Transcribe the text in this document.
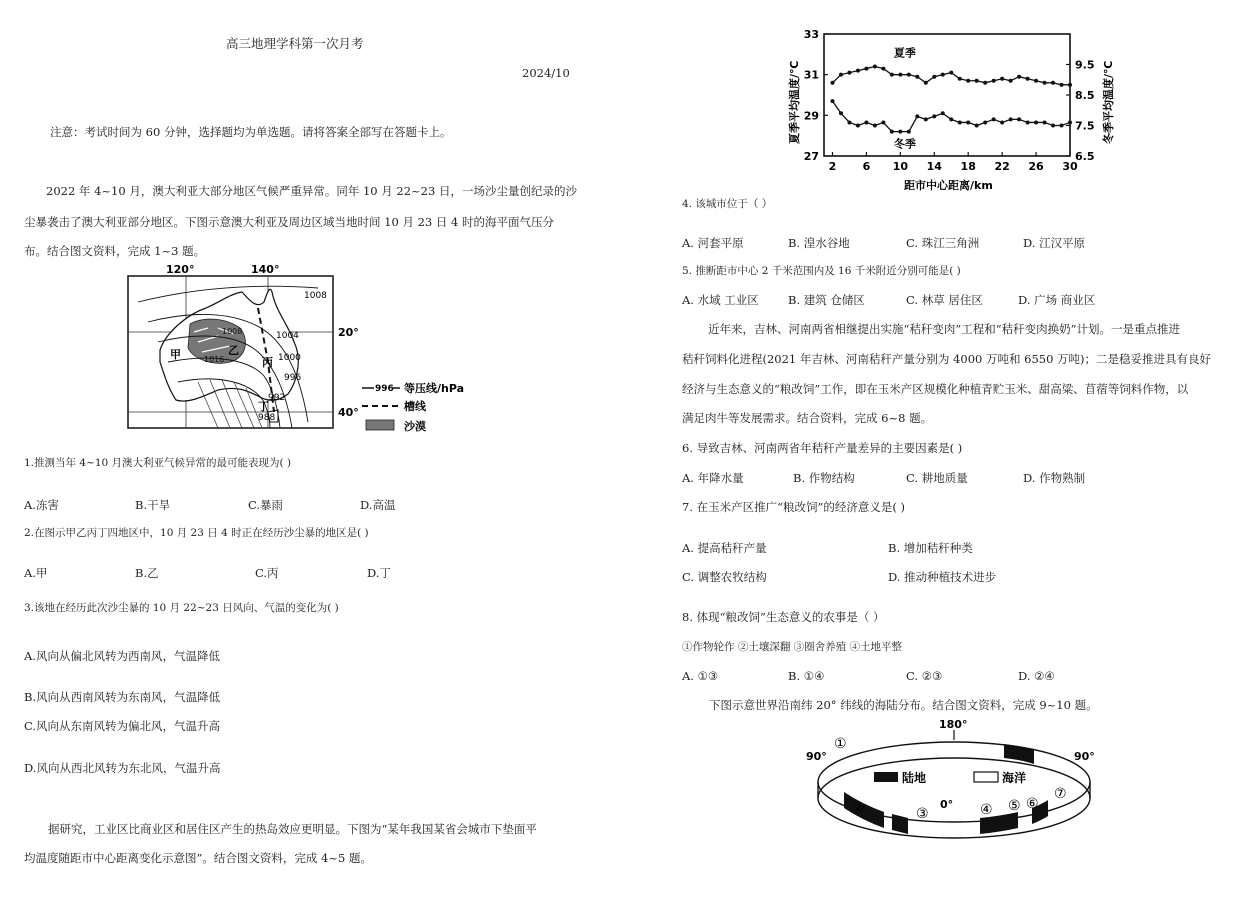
高三地理学科第一次月考
2024/10
注意：考试时间为 60 分钟，选择题均为单选题。请将答案全部写在答题卡上。
2022 年 4~10 月，澳大利亚大部分地区气候严重异常。同年 10 月 22~23 日，一场沙尘量创纪录的沙
尘暴袭击了澳大利亚部分地区。下图示意澳大利亚及周边区域当地时间 10 月 23 日 4 时的海平面气压分
布。结合图文资料，完成 1~3 题。
120°	140°
1008
1004
1000
996
992
988
1008
1016
甲	乙
丙
丁
20°
40°
996 等压线/hPa
槽线
沙漠
1.推测当年 4~10 月澳大利亚气候异常的最可能表现为( )
A.冻害	B.干旱	C.暴雨	D.高温
2.在图示甲乙丙丁四地区中，10 月 23 日 4 时正在经历沙尘暴的地区是( )
A.甲	B.乙	C.丙	D.丁
3.该地在经历此次沙尘暴的 10 月 22~23 日风向、气温的变化为( )
A.风向从偏北风转为西南风，气温降低
B.风向从西南风转为东南风，气温降低
C.风向从东南风转为偏北风，气温升高
D.风向从西北风转为东北风，气温升高
据研究，工业区比商业区和居住区产生的热岛效应更明显。下图为“某年我国某省会城市下垫面平
均温度随距市中心距离变化示意图”。结合图文资料，完成 4~5 题。
夏季平均温度/℃	冬季平均温度/℃
距市中心距离/km
2 6 10 14 18 22 26 30
27
29
31
33
6.5
7.5
8.5
9.5
夏季
冬季
4. 该城市位于（ ）
A. 河套平原	B. 湟水谷地	C. 珠江三角洲	D. 江汉平原
5. 推断距市中心 2 千米范围内及 16 千米附近分别可能是( )
A. 水域 工业区	B. 建筑 仓储区	C. 林草 居住区	D. 广场 商业区
近年来，吉林、河南两省相继提出实施“秸秆变肉”工程和“秸秆变肉换奶”计划。一是重点推进
秸秆饲料化进程(2021 年吉林、河南秸秆产量分别为 4000 万吨和 6550 万吨)；二是稳妥推进具有良好
经济与生态意义的“粮改饲”工作，即在玉米产区规模化种植青贮玉米、甜高粱、苜蓿等饲料作物，以
满足肉牛等发展需求。结合资料，完成 6~8 题。
6. 导致吉林、河南两省年秸秆产量差异的主要因素是( )
A. 年降水量	B. 作物结构	C. 耕地质量	D. 作物熟制
7. 在玉米产区推广“粮改饲”的经济意义是( )
A. 提高秸秆产量	B. 增加秸秆种类
C. 调整农牧结构	D. 推动种植技术进步
8. 体现“粮改饲”生态意义的农事是（ ）
①作物轮作 ②土壤深翻 ③圈舍养殖 ④土地平整
A. ①③	B. ①④	C. ②③	D. ②④
下图示意世界沿南纬 20° 纬线的海陆分布。结合图文资料，完成 9~10 题。
180°
90°	90°
陆地	海洋
0°
①
②	③	④ ⑤ ⑥
⑦
⑧
